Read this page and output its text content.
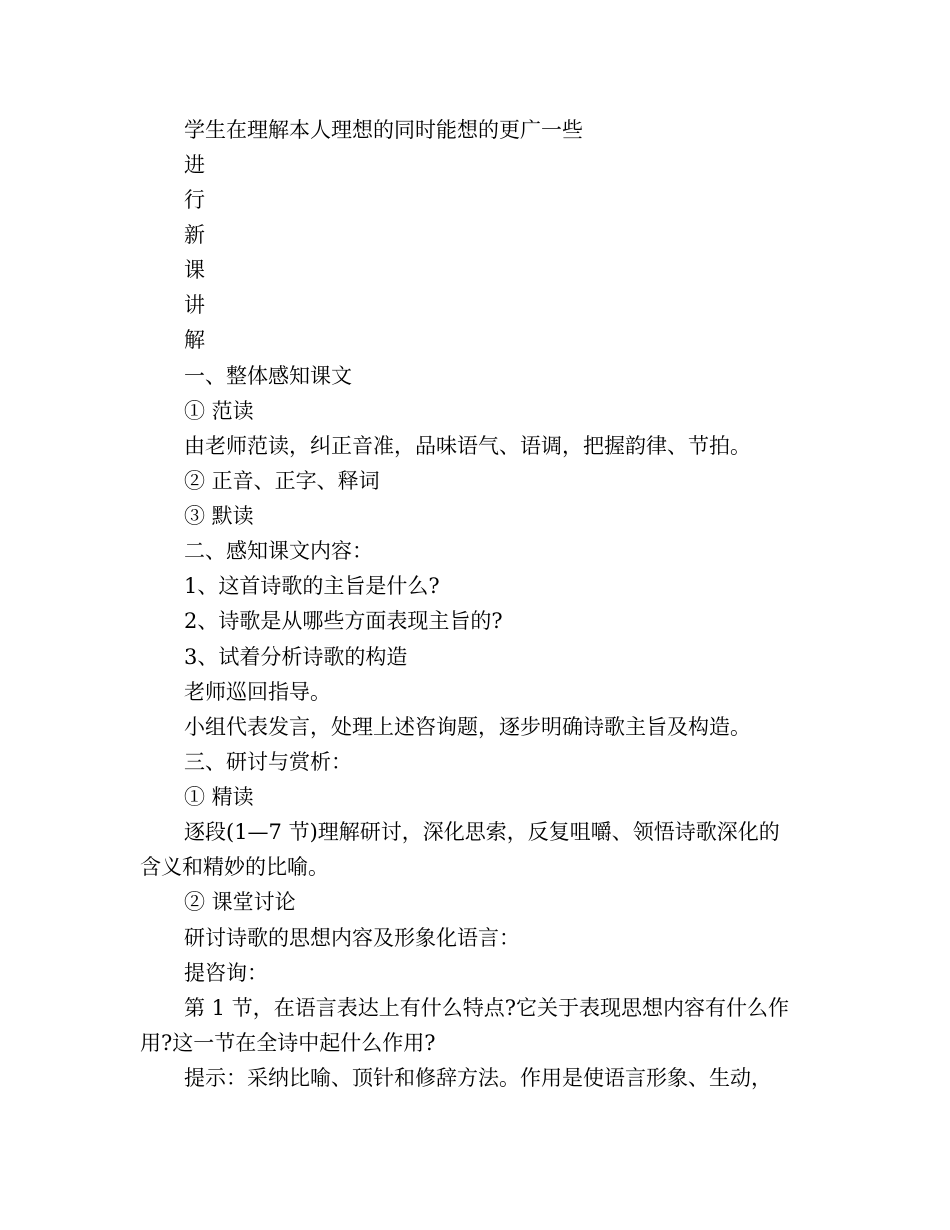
学生在理解本人理想的同时能想的更广一些
进
行
新
课
讲
解
一、整体感知课文
① 范读
由老师范读，纠正音准，品味语气、语调，把握韵律、节拍。
② 正音、正字、释词
③ 默读
二、感知课文内容：
1、这首诗歌的主旨是什么?
2、诗歌是从哪些方面表现主旨的?
3、试着分析诗歌的构造
老师巡回指导。
小组代表发言，处理上述咨询题，逐步明确诗歌主旨及构造。
三、研讨与赏析：
① 精读
逐段(1—7 节)理解研讨，深化思索，反复咀嚼、领悟诗歌深化的
含义和精妙的比喻。
② 课堂讨论
研讨诗歌的思想内容及形象化语言：
提咨询：
第 1 节，在语言表达上有什么特点?它关于表现思想内容有什么作
用?这一节在全诗中起什么作用?
提示：采纳比喻、顶针和修辞方法。作用是使语言形象、生动，
